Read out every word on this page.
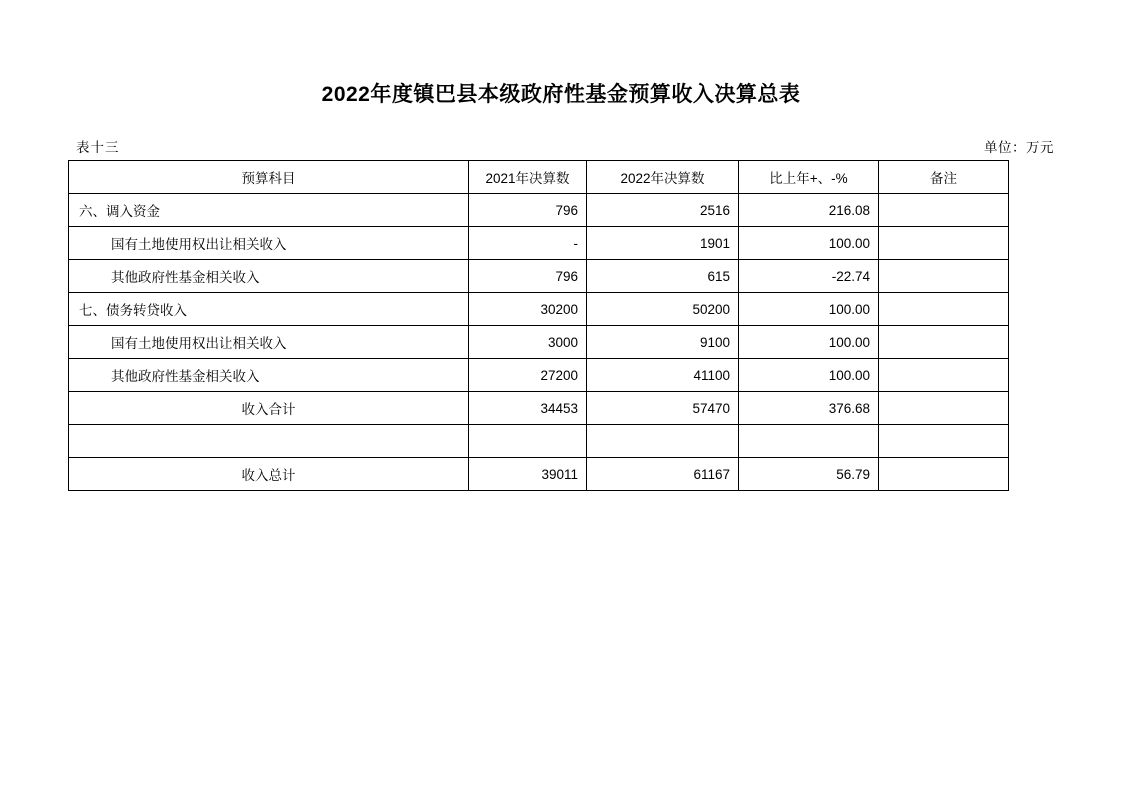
2022年度镇巴县本级政府性基金预算收入决算总表
表十三	单位：万元
预算科目	2021年决算数	2022年决算数	比上年+、-%	备注
六、调入资金	796	2516	216.08	
国有土地使用权出让相关收入	-	1901	100.00	
其他政府性基金相关收入	796	615	-22.74	
七、债务转贷收入	30200	50200	100.00	
国有土地使用权出让相关收入	3000	9100	100.00	
其他政府性基金相关收入	27200	41100	100.00	
收入合计	34453	57470	376.68	

收入总计	39011	61167	56.79	
